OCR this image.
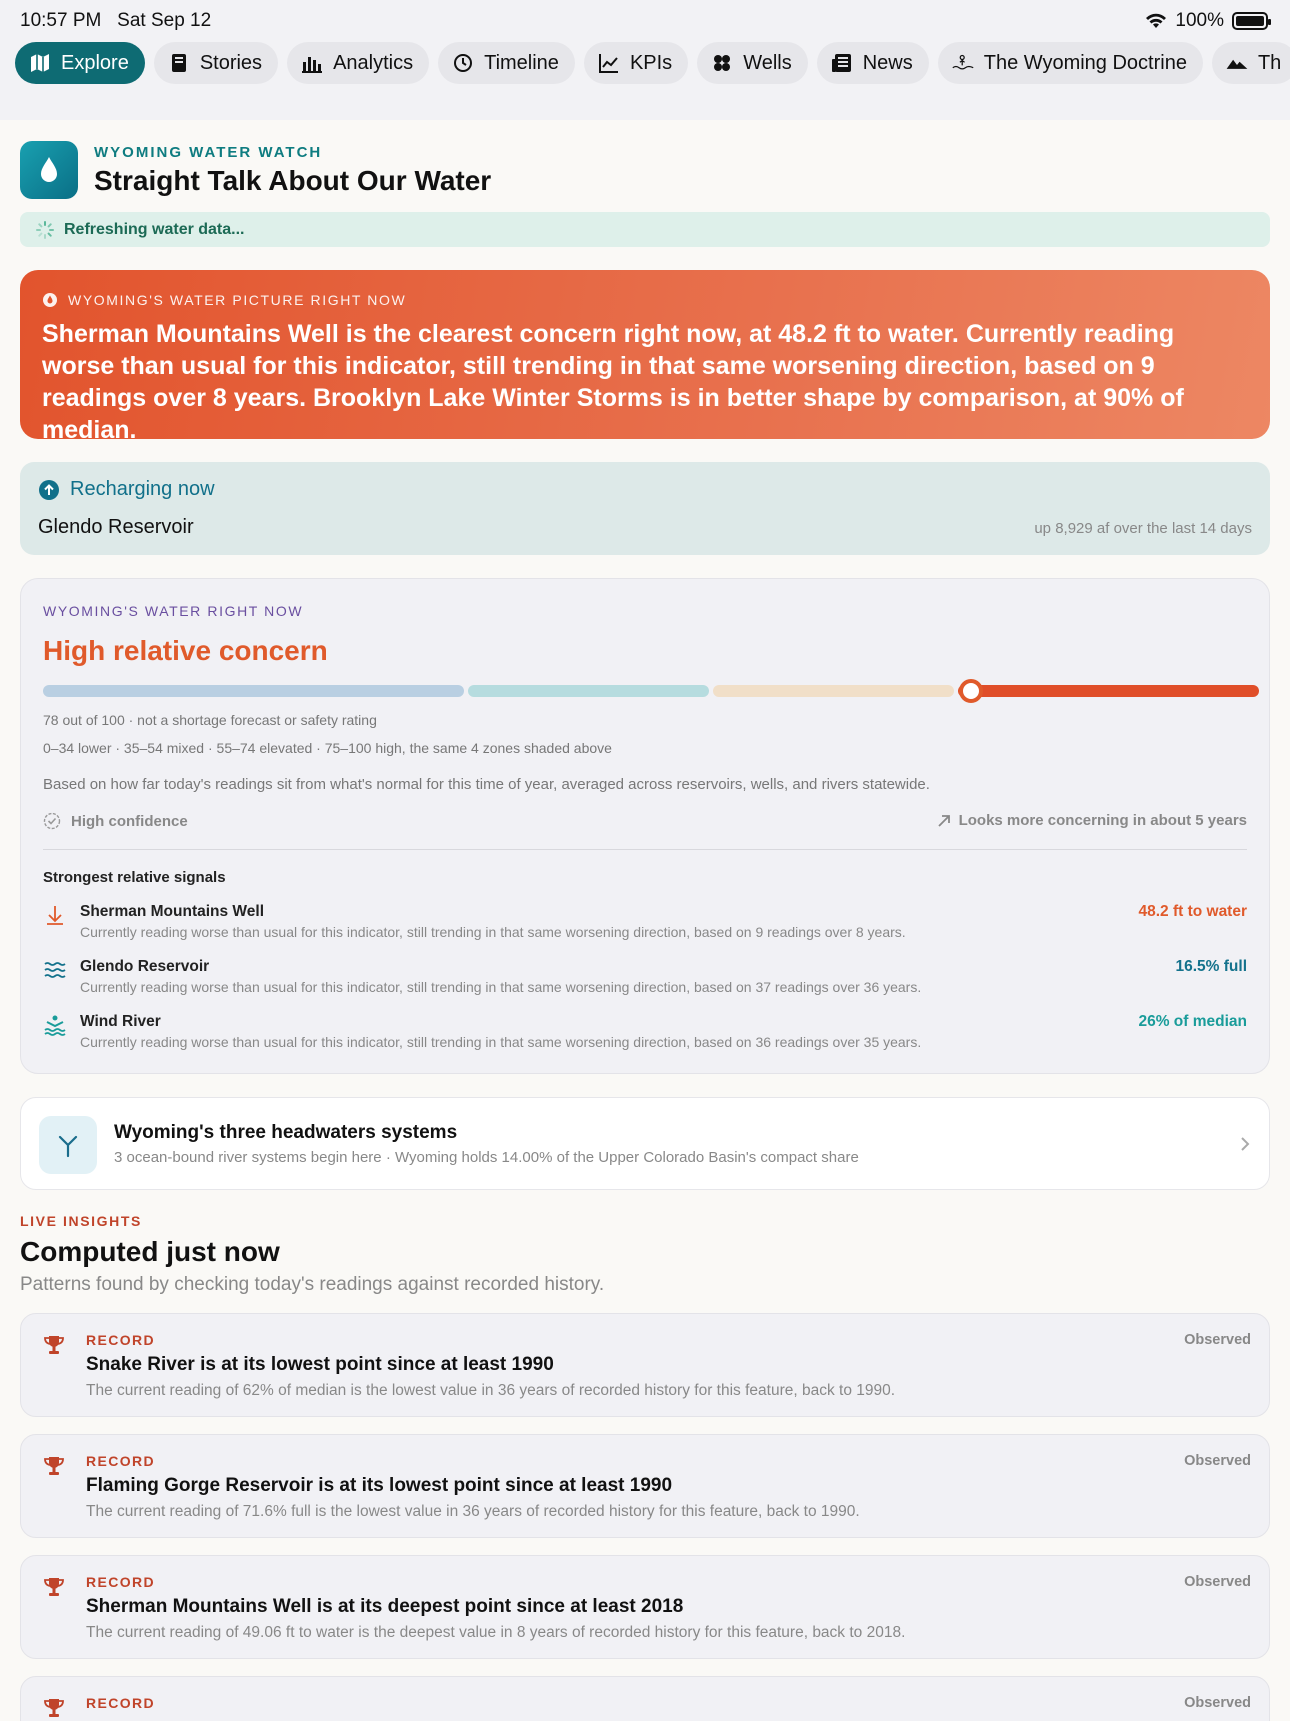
10:57 PM Sat Sep 12	100%
Explore	Stories	Analytics	Timeline	KPIs	Wells	News	The Wyoming Doctrine	Th
WYOMING WATER WATCH
Straight Talk About Our Water
Refreshing water data...
WYOMING'S WATER PICTURE RIGHT NOW
Sherman Mountains Well is the clearest concern right now, at 48.2 ft to water. Currently reading worse than usual for this indicator, still trending in that same worsening direction, based on 9 readings over 8 years. Brooklyn Lake Winter Storms is in better shape by comparison, at 90% of median.
Recharging now
Glendo Reservoir	up 8,929 af over the last 14 days
WYOMING'S WATER RIGHT NOW
High relative concern
78 out of 100 · not a shortage forecast or safety rating
0–34 lower · 35–54 mixed · 55–74 elevated · 75–100 high, the same 4 zones shaded above
Based on how far today's readings sit from what's normal for this time of year, averaged across reservoirs, wells, and rivers statewide.
High confidence	Looks more concerning in about 5 years
Strongest relative signals
Sherman Mountains Well
Currently reading worse than usual for this indicator, still trending in that same worsening direction, based on 9 readings over 8 years.
48.2 ft to water
Glendo Reservoir
Currently reading worse than usual for this indicator, still trending in that same worsening direction, based on 37 readings over 36 years.
16.5% full
Wind River
Currently reading worse than usual for this indicator, still trending in that same worsening direction, based on 36 readings over 35 years.
26% of median
Wyoming's three headwaters systems
3 ocean-bound river systems begin here · Wyoming holds 14.00% of the Upper Colorado Basin's compact share
LIVE INSIGHTS
Computed just now
Patterns found by checking today's readings against recorded history.
RECORD	Observed
Snake River is at its lowest point since at least 1990
The current reading of 62% of median is the lowest value in 36 years of recorded history for this feature, back to 1990.
RECORD	Observed
Flaming Gorge Reservoir is at its lowest point since at least 1990
The current reading of 71.6% full is the lowest value in 36 years of recorded history for this feature, back to 1990.
RECORD	Observed
Sherman Mountains Well is at its deepest point since at least 2018
The current reading of 49.06 ft to water is the deepest value in 8 years of recorded history for this feature, back to 2018.
RECORD	Observed
